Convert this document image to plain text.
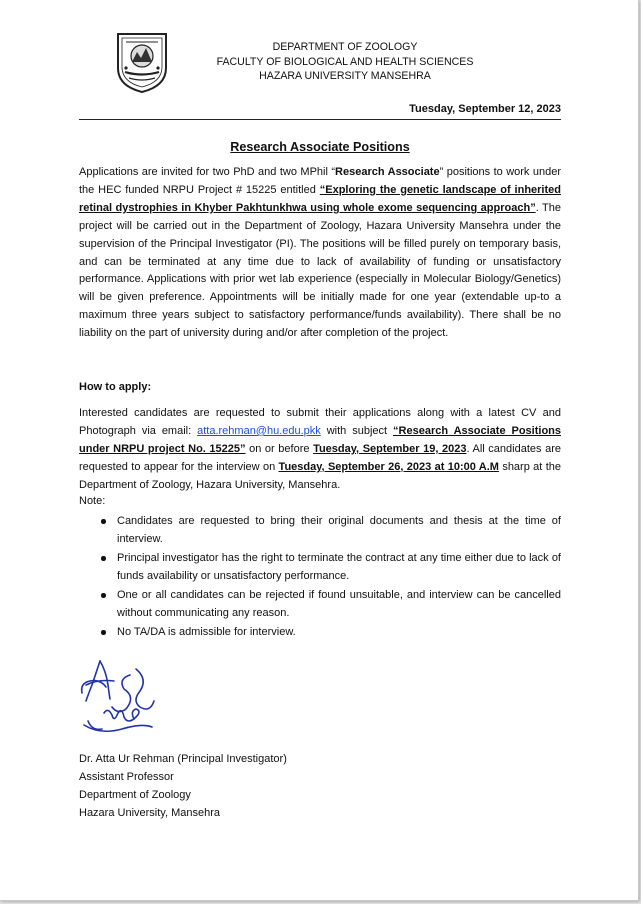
DEPARTMENT OF ZOOLOGY
FACULTY OF BIOLOGICAL AND HEALTH SCIENCES
HAZARA UNIVERSITY MANSEHRA
Tuesday, September 12, 2023
Research Associate Positions

Applications are invited for two PhD and two MPhil “Research Associate” positions to work under the HEC funded NRPU Project # 15225 entitled “Exploring the genetic landscape of inherited retinal dystrophies in Khyber Pakhtunkhwa using whole exome sequencing approach”. The project will be carried out in the Department of Zoology, Hazara University Mansehra under the supervision of the Principal Investigator (PI). The positions will be filled purely on temporary basis, and can be terminated at any time due to lack of availability of funding or unsatisfactory performance. Applications with prior wet lab experience (especially in Molecular Biology/Genetics) will be given preference. Appointments will be initially made for one year (extendable up-to a maximum three years subject to satisfactory performance/funds availability). There shall be no liability on the part of university during and/or after completion of the project.

How to apply:

Interested candidates are requested to submit their applications along with a latest CV and Photograph via email: atta.rehman@hu.edu.pkk with subject “Research Associate Positions under NRPU project No. 15225” on or before Tuesday, September 19, 2023. All candidates are requested to appear for the interview on Tuesday, September 26, 2023 at 10:00 A.M sharp at the Department of Zoology, Hazara University, Mansehra.

Note:
Candidates are requested to bring their original documents and thesis at the time of interview.
Principal investigator has the right to terminate the contract at any time either due to lack of funds availability or unsatisfactory performance.
One or all candidates can be rejected if found unsuitable, and interview can be cancelled without communicating any reason.
No TA/DA is admissible for interview.
Dr. Atta Ur Rehman (Principal Investigator)
Assistant Professor
Department of Zoology
Hazara University, Mansehra
